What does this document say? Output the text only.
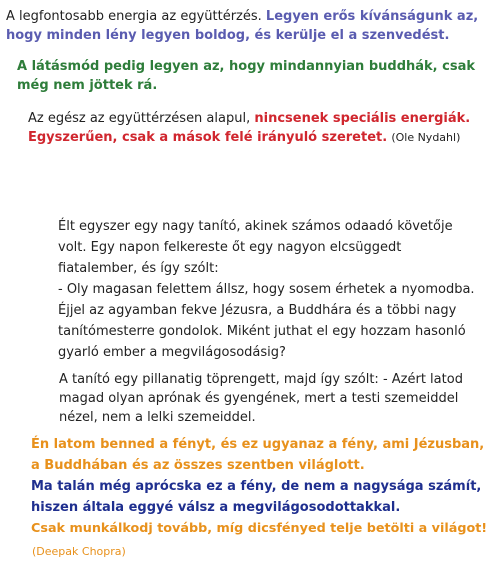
A legfontosabb energia az együttérzés. Legyen erős kívánságunk az, hogy minden lény legyen boldog, és kerülje el a szenvedést.

A látásmód pedig legyen az, hogy mindannyian buddhák, csak még nem jöttek rá.

Az egész az együttérzésen alapul, nincsenek speciális energiák. Egyszerűen, csak a mások felé irányuló szeretet. (Ole Nydahl)

Élt egyszer egy nagy tanító, akinek számos odaadó követője volt. Egy napon felkereste őt egy nagyon elcsüggedt fiatalember, és így szólt:
- Oly magasan felettem állsz, hogy sosem érhetek a nyomodba. Éjjel az agyamban fekve Jézusra, a Buddhára és a többi nagy tanítómesterre gondolok. Miként juthat el egy hozzam hasonló gyarló ember a megvilágosodásig?
A tanító egy pillanatig töprengett, majd így szólt: - Azért latod magad olyan aprónak és gyengének, mert a testi szemeiddel nézel, nem a lelki szemeiddel.
Én latom benned a fényt, és ez ugyanaz a fény, ami Jézusban,
a Buddhában és az összes szentben világlott.
Ma talán még aprócska ez a fény, de nem a nagysága számít,
hiszen általa eggyé válsz a megvilágosodottakkal.
Csak munkálkodj tovább, míg dicsfényed telje betölti a világot!
(Deepak Chopra)
